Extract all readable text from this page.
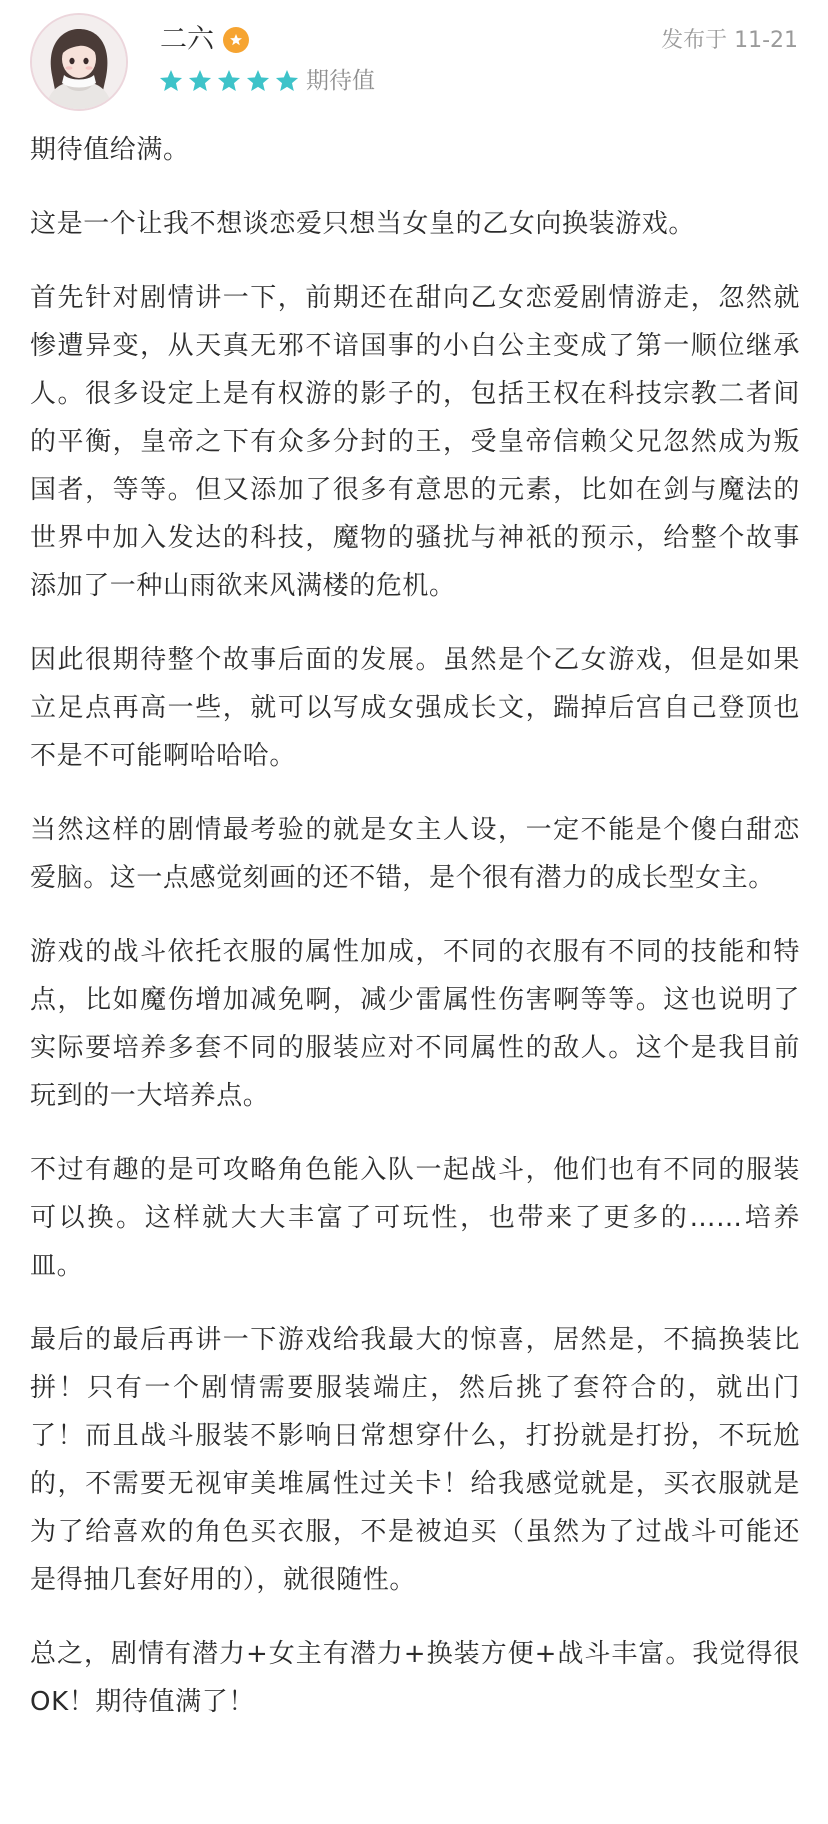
二六
期待值
发布于 11-21

期待值给满。

这是一个让我不想谈恋爱只想当女皇的乙女向换装游戏。

首先针对剧情讲一下，前期还在甜向乙女恋爱剧情游走，忽然就惨遭异变，从天真无邪不谙国事的小白公主变成了第一顺位继承人。很多设定上是有权游的影子的，包括王权在科技宗教二者间的平衡，皇帝之下有众多分封的王，受皇帝信赖父兄忽然成为叛国者，等等。但又添加了很多有意思的元素，比如在剑与魔法的世界中加入发达的科技，魔物的骚扰与神祇的预示，给整个故事添加了一种山雨欲来风满楼的危机。

因此很期待整个故事后面的发展。虽然是个乙女游戏，但是如果立足点再高一些，就可以写成女强成长文，踹掉后宫自己登顶也不是不可能啊哈哈哈。

当然这样的剧情最考验的就是女主人设，一定不能是个傻白甜恋爱脑。这一点感觉刻画的还不错，是个很有潜力的成长型女主。

游戏的战斗依托衣服的属性加成，不同的衣服有不同的技能和特点，比如魔伤增加减免啊，减少雷属性伤害啊等等。这也说明了实际要培养多套不同的服装应对不同属性的敌人。这个是我目前玩到的一大培养点。

不过有趣的是可攻略角色能入队一起战斗，他们也有不同的服装可以换。这样就大大丰富了可玩性，也带来了更多的……培养皿。

最后的最后再讲一下游戏给我最大的惊喜，居然是，不搞换装比拼！只有一个剧情需要服装端庄，然后挑了套符合的，就出门了！而且战斗服装不影响日常想穿什么，打扮就是打扮，不玩尬的，不需要无视审美堆属性过关卡！给我感觉就是，买衣服就是为了给喜欢的角色买衣服，不是被迫买（虽然为了过战斗可能还是得抽几套好用的），就很随性。

总之，剧情有潜力+女主有潜力+换装方便+战斗丰富。我觉得很OK！期待值满了！
